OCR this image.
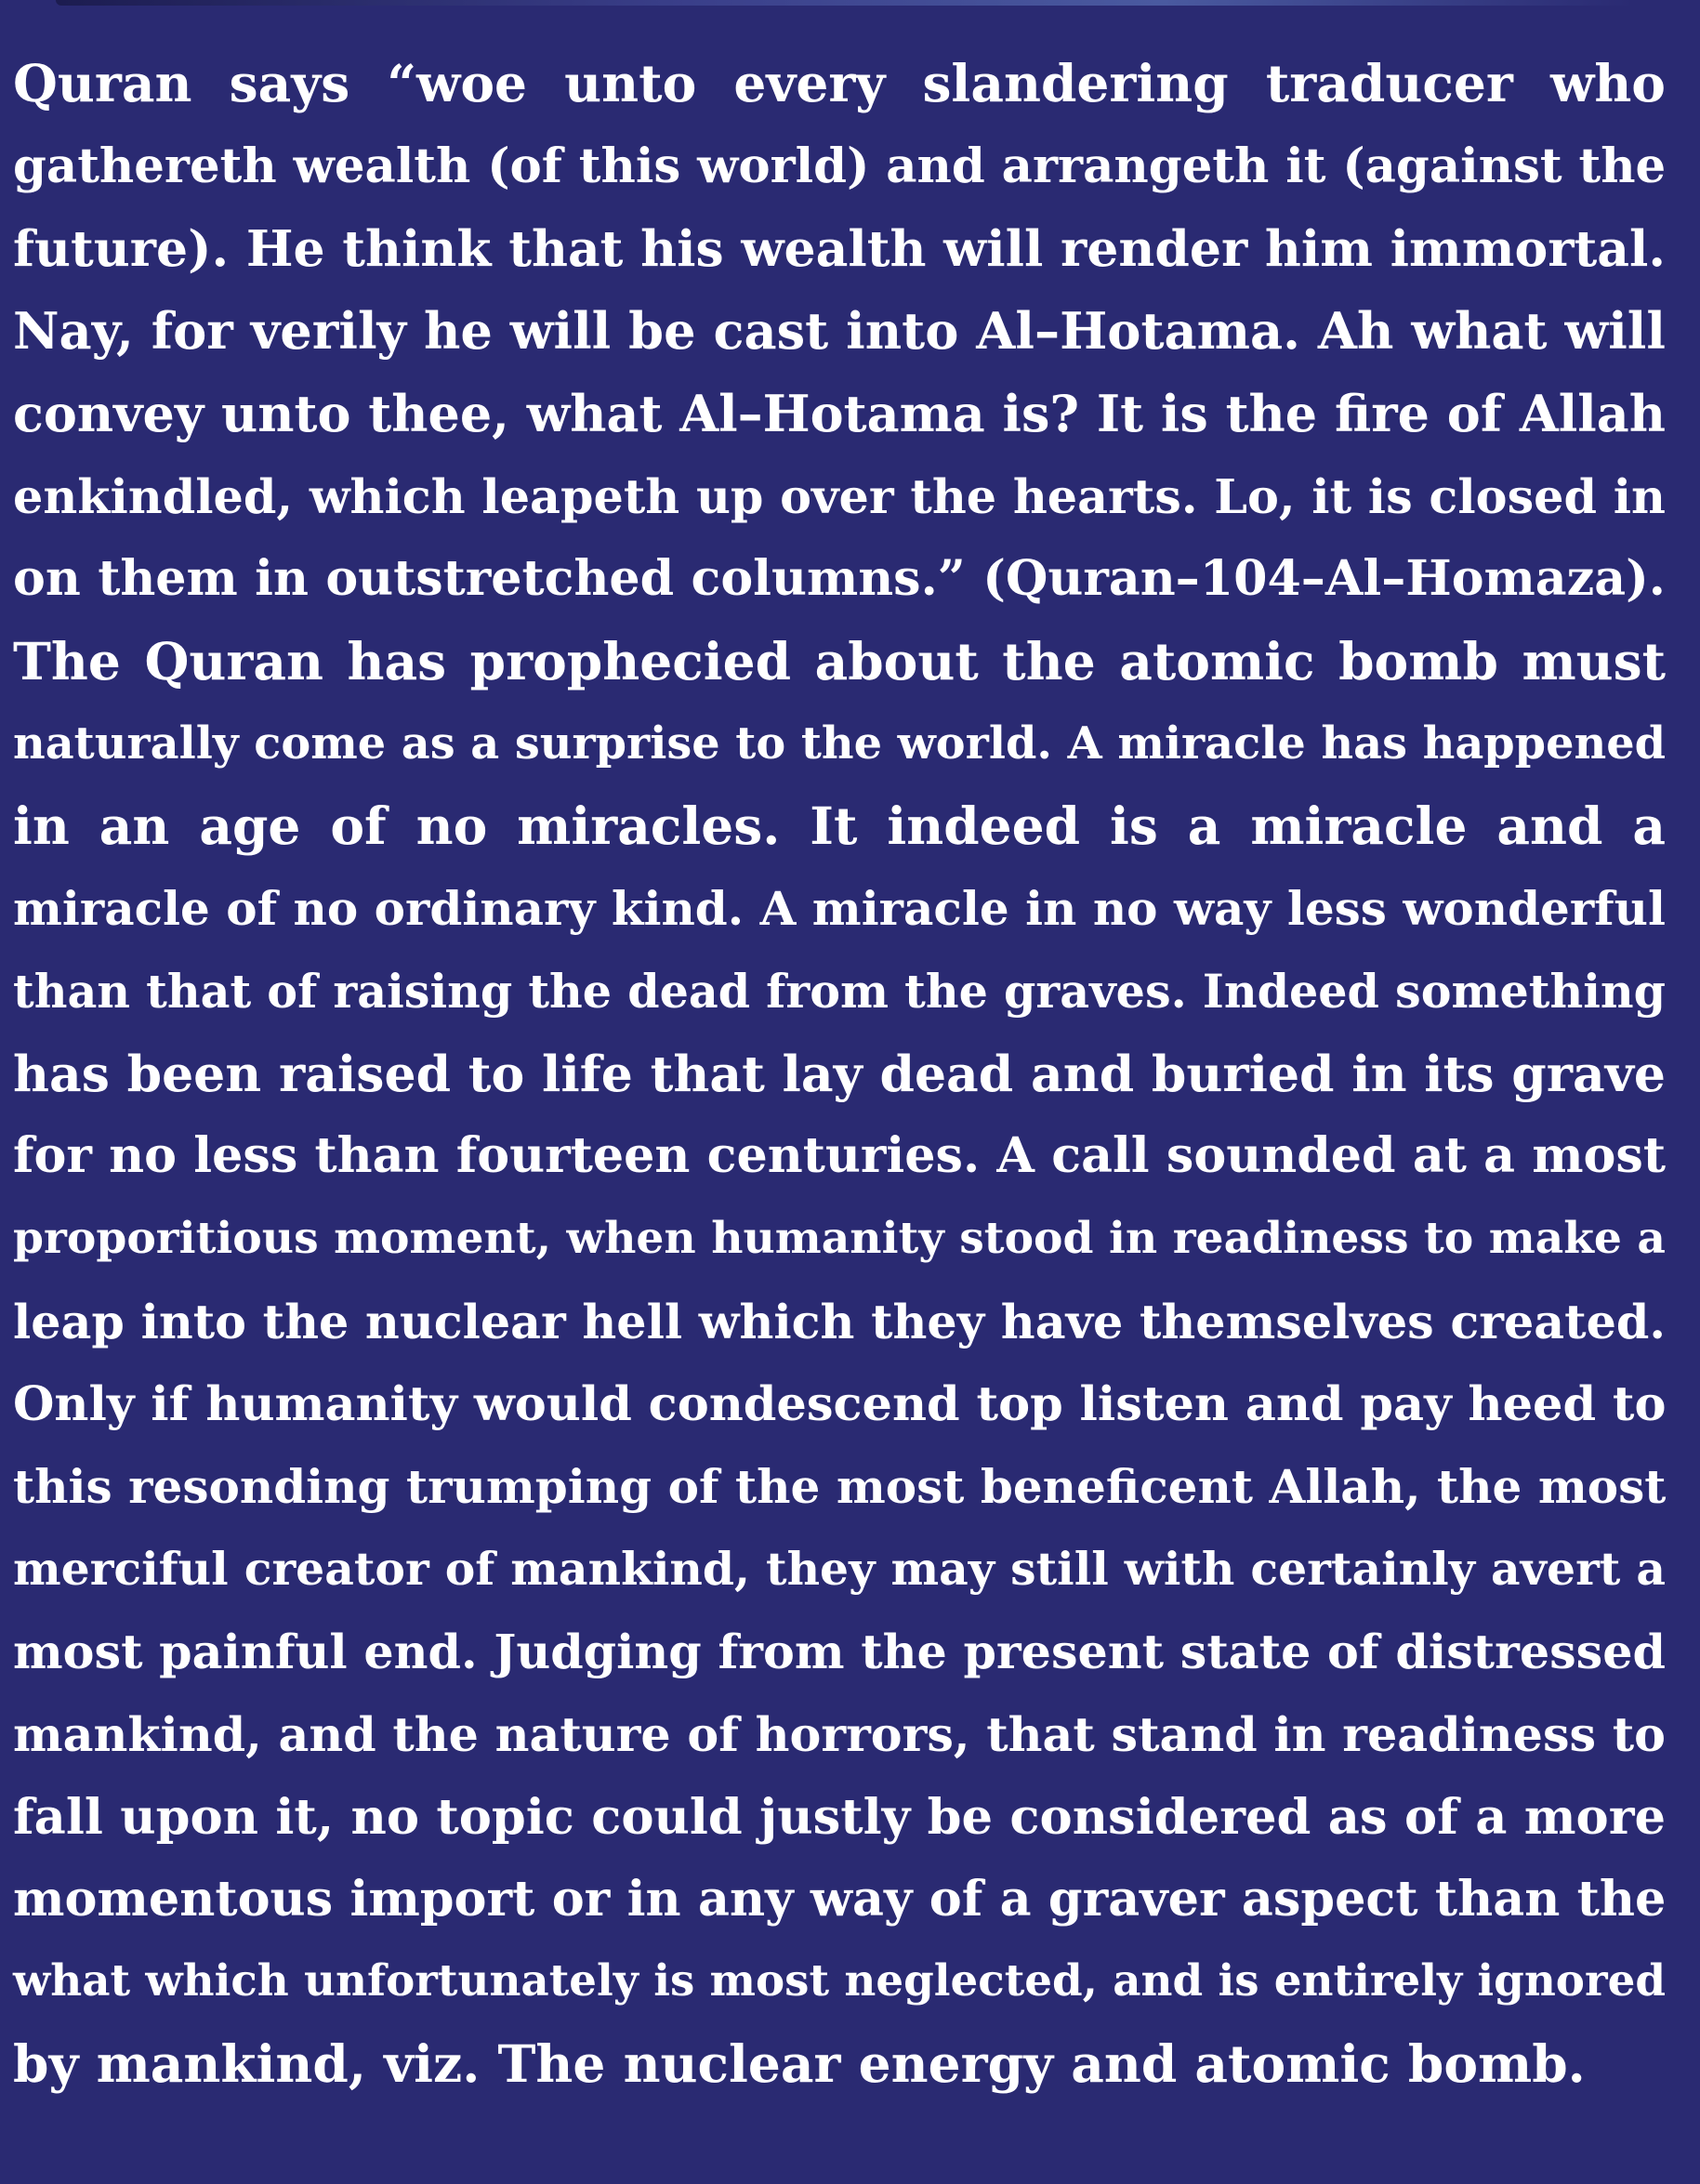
Quran says “woe unto every slandering traducer who
gathereth wealth (of this world) and arrangeth it (against the
future). He think that his wealth will render him immortal.
Nay, for verily he will be cast into Al–Hotama. Ah what will
convey unto thee, what Al–Hotama is? It is the fire of Allah
enkindled, which leapeth up over the hearts. Lo, it is closed in
on them in outstretched columns.” (Quran–104–Al–Homaza).
The Quran has prophecied about the atomic bomb must
naturally come as a surprise to the world. A miracle has happened
in an age of no miracles. It indeed is a miracle and a
miracle of no ordinary kind. A miracle in no way less wonderful
than that of raising the dead from the graves. Indeed something
has been raised to life that lay dead and buried in its grave
for no less than fourteen centuries. A call sounded at a most
proporitious moment, when humanity stood in readiness to make a
leap into the nuclear hell which they have themselves created.
Only if humanity would condescend top listen and pay heed to
this resonding trumping of the most beneficent Allah, the most
merciful creator of mankind, they may still with certainly avert a
most painful end. Judging from the present state of distressed
mankind, and the nature of horrors, that stand in readiness to
fall upon it, no topic could justly be considered as of a more
momentous import or in any way of a graver aspect than the
what which unfortunately is most neglected, and is entirely ignored
by mankind, viz. The nuclear energy and atomic bomb.
